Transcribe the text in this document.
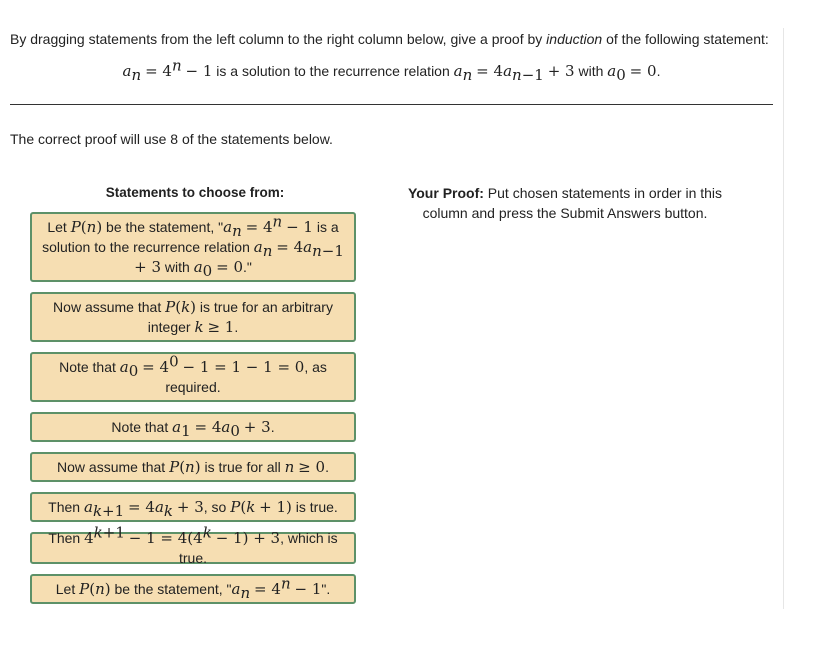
By dragging statements from the left column to the right column below, give a proof by induction of the following statement:
$a_n = 4^n - 1$ is a solution to the recurrence relation $a_n = 4a_{n-1} + 3$ with $a_0 = 0$.
The correct proof will use 8 of the statements below.
Statements to choose from:	Your Proof: Put chosen statements in order in this column and press the Submit Answers button.
Let P(n) be the statement, "$a_n = 4^n - 1$ is a solution to the recurrence relation $a_n = 4a_{n-1} + 3$ with $a_0 = 0$."
Now assume that P(k) is true for an arbitrary integer k ≥ 1.
Note that $a_0 = 4^0 - 1 = 1 - 1 = 0$, as required.
Note that $a_1 = 4a_0 + 3$.
Now assume that P(n) is true for all n ≥ 0.
Then $a_{k+1} = 4a_k + 3$, so P(k + 1) is true.
Then $4^{k+1} - 1 = 4(4^k - 1) + 3$, which is true.
Let P(n) be the statement, "$a_n = 4^n - 1$".
